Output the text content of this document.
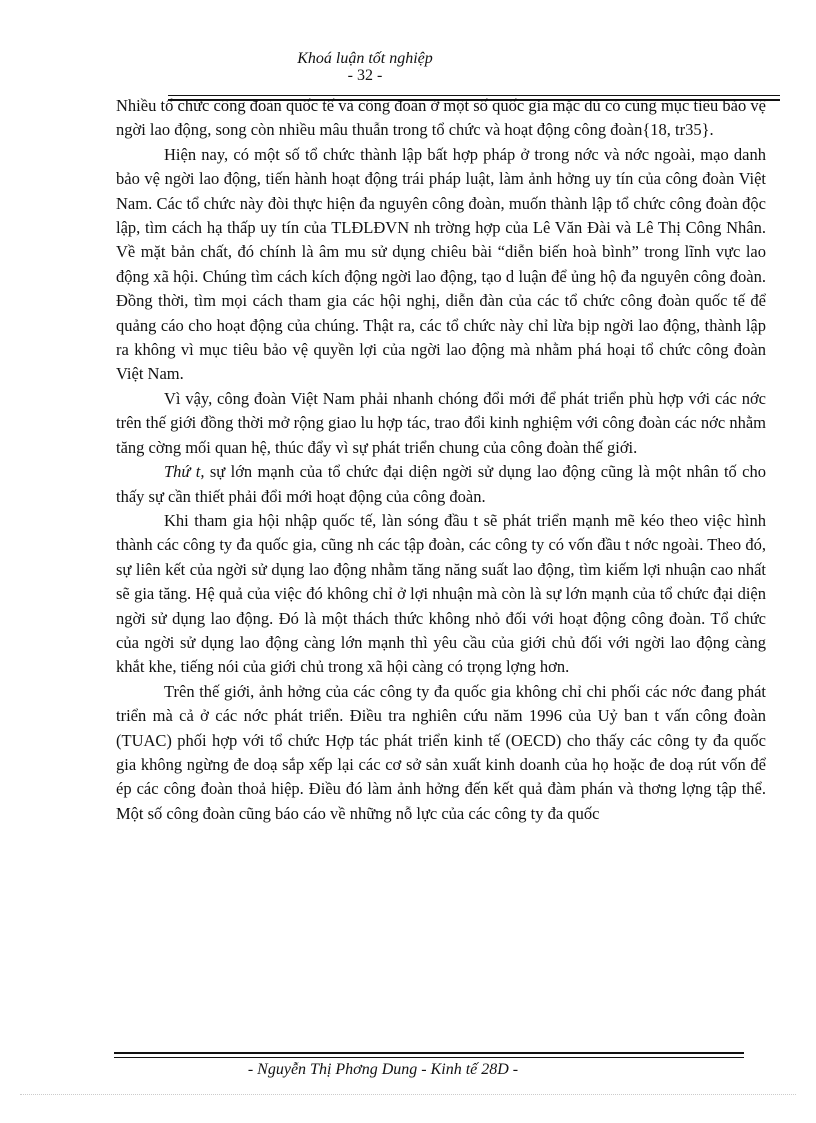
Khoá luận tốt nghiệp
- 32 -

Nhiều tổ chức công đoàn quốc tế và công đoàn ở một số quốc gia mặc dù có cùng mục tiêu bảo vệ ngời lao động, song còn nhiều mâu thuẫn trong tổ chức và hoạt động công đoàn{18, tr35}.

Hiện nay, có một số tổ chức thành lập bất hợp pháp ở trong nớc và nớc ngoài, mạo danh bảo vệ ngời lao động, tiến hành hoạt động trái pháp luật, làm ảnh hởng uy tín của công đoàn Việt Nam. Các tổ chức này đòi thực hiện đa nguyên công đoàn, muốn thành lập tổ chức công đoàn độc lập, tìm cách hạ thấp uy tín của TLĐLĐVN nh trờng hợp của Lê Văn Đài và Lê Thị Công Nhân. Về mặt bản chất, đó chính là âm mu sử dụng chiêu bài “diễn biến hoà bình” trong lĩnh vực lao động xã hội. Chúng tìm cách kích động ngời lao động, tạo d luận để ủng hộ đa nguyên công đoàn. Đồng thời, tìm mọi cách tham gia các hội nghị, diễn đàn của các tổ chức công đoàn quốc tế để quảng cáo cho hoạt động của chúng. Thật ra, các tổ chức này chỉ lừa bịp ngời lao động, thành lập ra không vì mục tiêu bảo vệ quyền lợi của ngời lao động mà nhằm phá hoại tổ chức công đoàn Việt Nam.

Vì vậy, công đoàn Việt Nam phải nhanh chóng đổi mới để phát triển phù hợp với các nớc trên thế giới đồng thời mở rộng giao lu hợp tác, trao đổi kinh nghiệm với công đoàn các nớc nhằm tăng cờng mối quan hệ, thúc đẩy vì sự phát triển chung của công đoàn thế giới.

Thứ t, sự lớn mạnh của tổ chức đại diện ngời sử dụng lao động cũng là một nhân tố cho thấy sự cần thiết phải đổi mới hoạt động của công đoàn.

Khi tham gia hội nhập quốc tế, làn sóng đầu t sẽ phát triển mạnh mẽ kéo theo việc hình thành các công ty đa quốc gia, cũng nh các tập đoàn, các công ty có vốn đầu t nớc ngoài. Theo đó, sự liên kết của ngời sử dụng lao động nhằm tăng năng suất lao động, tìm kiếm lợi nhuận cao nhất sẽ gia tăng. Hệ quả của việc đó không chỉ ở lợi nhuận mà còn là sự lớn mạnh của tổ chức đại diện ngời sử dụng lao động. Đó là một thách thức không nhỏ đối với hoạt động công đoàn. Tổ chức của ngời sử dụng lao động càng lớn mạnh thì yêu cầu của giới chủ đối với ngời lao động càng khắt khe, tiếng nói của giới chủ trong xã hội càng có trọng lợng hơn.

Trên thế giới, ảnh hởng của các công ty đa quốc gia không chỉ chi phối các nớc đang phát triển mà cả ở các nớc phát triển. Điều tra nghiên cứu năm 1996 của Uỷ ban t vấn công đoàn (TUAC) phối hợp với tổ chức Hợp tác phát triển kinh tế (OECD) cho thấy các công ty đa quốc gia không ngừng đe doạ sắp xếp lại các cơ sở sản xuất kinh doanh của họ hoặc đe doạ rút vốn để ép các công đoàn thoả hiệp. Điều đó làm ảnh hởng đến kết quả đàm phán và thơng lợng tập thể. Một số công đoàn cũng báo cáo về những nỗ lực của các công ty đa quốc

- Nguyễn Thị Phơng Dung - Kinh tế 28D -
